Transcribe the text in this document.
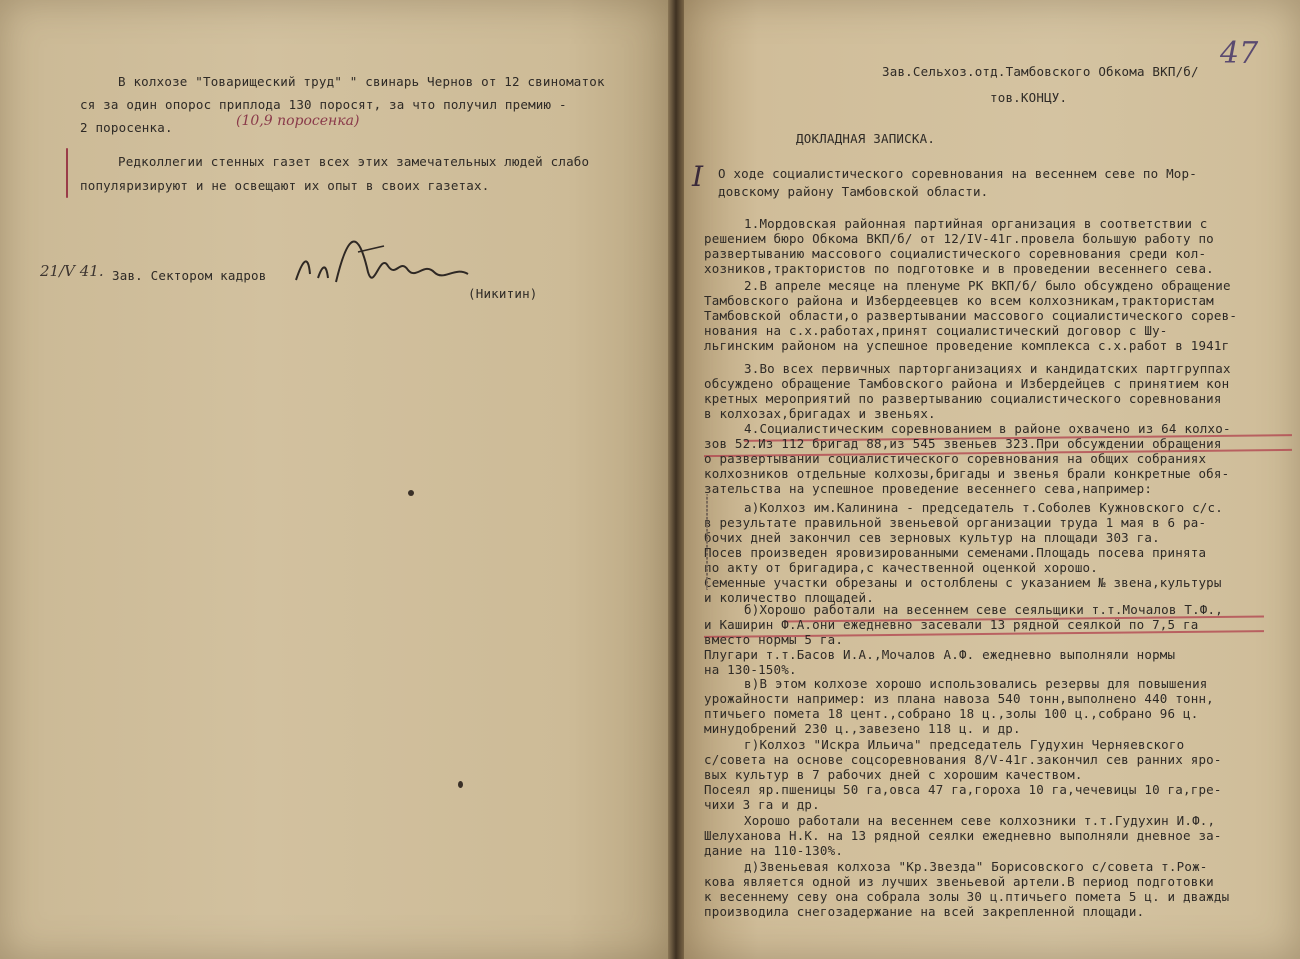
В колхозе "Товарищеский труд" " свинарь Чернов от 12 свиноматок
ся за один опорос приплода 130 поросят, за что получил премию -
2 поросенка.	(10,9 поросенка)
Редколлегии стенных газет всех этих замечательных людей слабо
популяризируют и не освещают их опыт в своих газетах.
21/V 41. Зав. Сектором кадров
(Никитин)
47
Зав.Сельхоз.отд.Тамбовского Обкома ВКП/б/
тов.КОНЦУ.
ДОКЛАДНАЯ ЗАПИСКА.
I О ходе социалистического соревнования на весеннем севе по Мор-
довскому району Тамбовской области.
1.Мордовская районная партийная организация в соответствии с
решением бюро Обкома ВКП/б/ от 12/IV-41г.провела большую работу по
развертыванию массового социалистического соревнования среди кол-
хозников,трактористов по подготовке и в проведении весеннего сева.
2.В апреле месяце на пленуме РК ВКП/б/ было обсуждено обращение
Тамбовского района и Избердеевцев ко всем колхозникам,трактористам
Тамбовской области,о развертывании массового социалистического сорев-
нования на с.х.работах,принят социалистический договор с Шу-
льгинским районом на успешное проведение комплекса с.х.работ в 1941г
3.Во всех первичных парторганизациях и кандидатских партгруппах
обсуждено обращение Тамбовского района и Избердейцев с принятием кон
кретных мероприятий по развертыванию социалистического соревнования
в колхозах,бригадах и звеньях.
4.Социалистическим соревнованием в районе охвачено из 64 колхо-
зов 52.Из 112 бригад 88,из 545 звеньев 323.При обсуждении обращения
о развертывании социалистического соревнования на общих собраниях
колхозников отдельные колхозы,бригады и звенья брали конкретные обя-
зательства на успешное проведение весеннего сева,например:
а)Колхоз им.Калинина - председатель т.Соболев Кужновского с/с.
в результате правильной звеньевой организации труда 1 мая в 6 ра-
бочих дней закончил сев зерновых культур на площади 303 га.
Посев произведен яровизированными семенами.Площадь посева принята
по акту от бригадира,с качественной оценкой хорошо.
Семенные участки обрезаны и остолблены с указанием № звена,культуры
и количество площадей.
б)Хорошо работали на весеннем севе сеяльщики т.т.Мочалов Т.Ф.,
и Каширин Ф.А.они ежедневно засевали 13 рядной сеялкой по 7,5 га
вместо нормы 5 га.
Плугари т.т.Басов И.А.,Мочалов А.Ф. ежедневно выполняли нормы
на 130-150%.
в)В этом колхозе хорошо использовались резервы для повышения
урожайности например: из плана навоза 540 тонн,выполнено 440 тонн,
птичьего помета 18 цент.,собрано 18 ц.,золы 100 ц.,собрано 96 ц.
минудобрений 230 ц.,завезено 118 ц. и др.
г)Колхоз "Искра Ильича" председатель Гудухин Черняевского
с/совета на основе соцсоревнования 8/V-41г.закончил сев ранних яро-
вых культур в 7 рабочих дней с хорошим качеством.
Посеял яр.пшеницы 50 га,овса 47 га,гороха 10 га,чечевицы 10 га,гре-
чихи 3 га и др.
Хорошо работали на весеннем севе колхозники т.т.Гудухин И.Ф.,
Шелуханова Н.К. на 13 рядной сеялки ежедневно выполняли дневное за-
дание на 110-130%.
д)Звеньевая колхоза "Кр.Звезда" Борисовского с/совета т.Рож-
кова является одной из лучших звеньевой артели.В период подготовки
к весеннему севу она собрала золы 30 ц.птичьего помета 5 ц. и дважды
производила снегозадержание на всей закрепленной площади.
